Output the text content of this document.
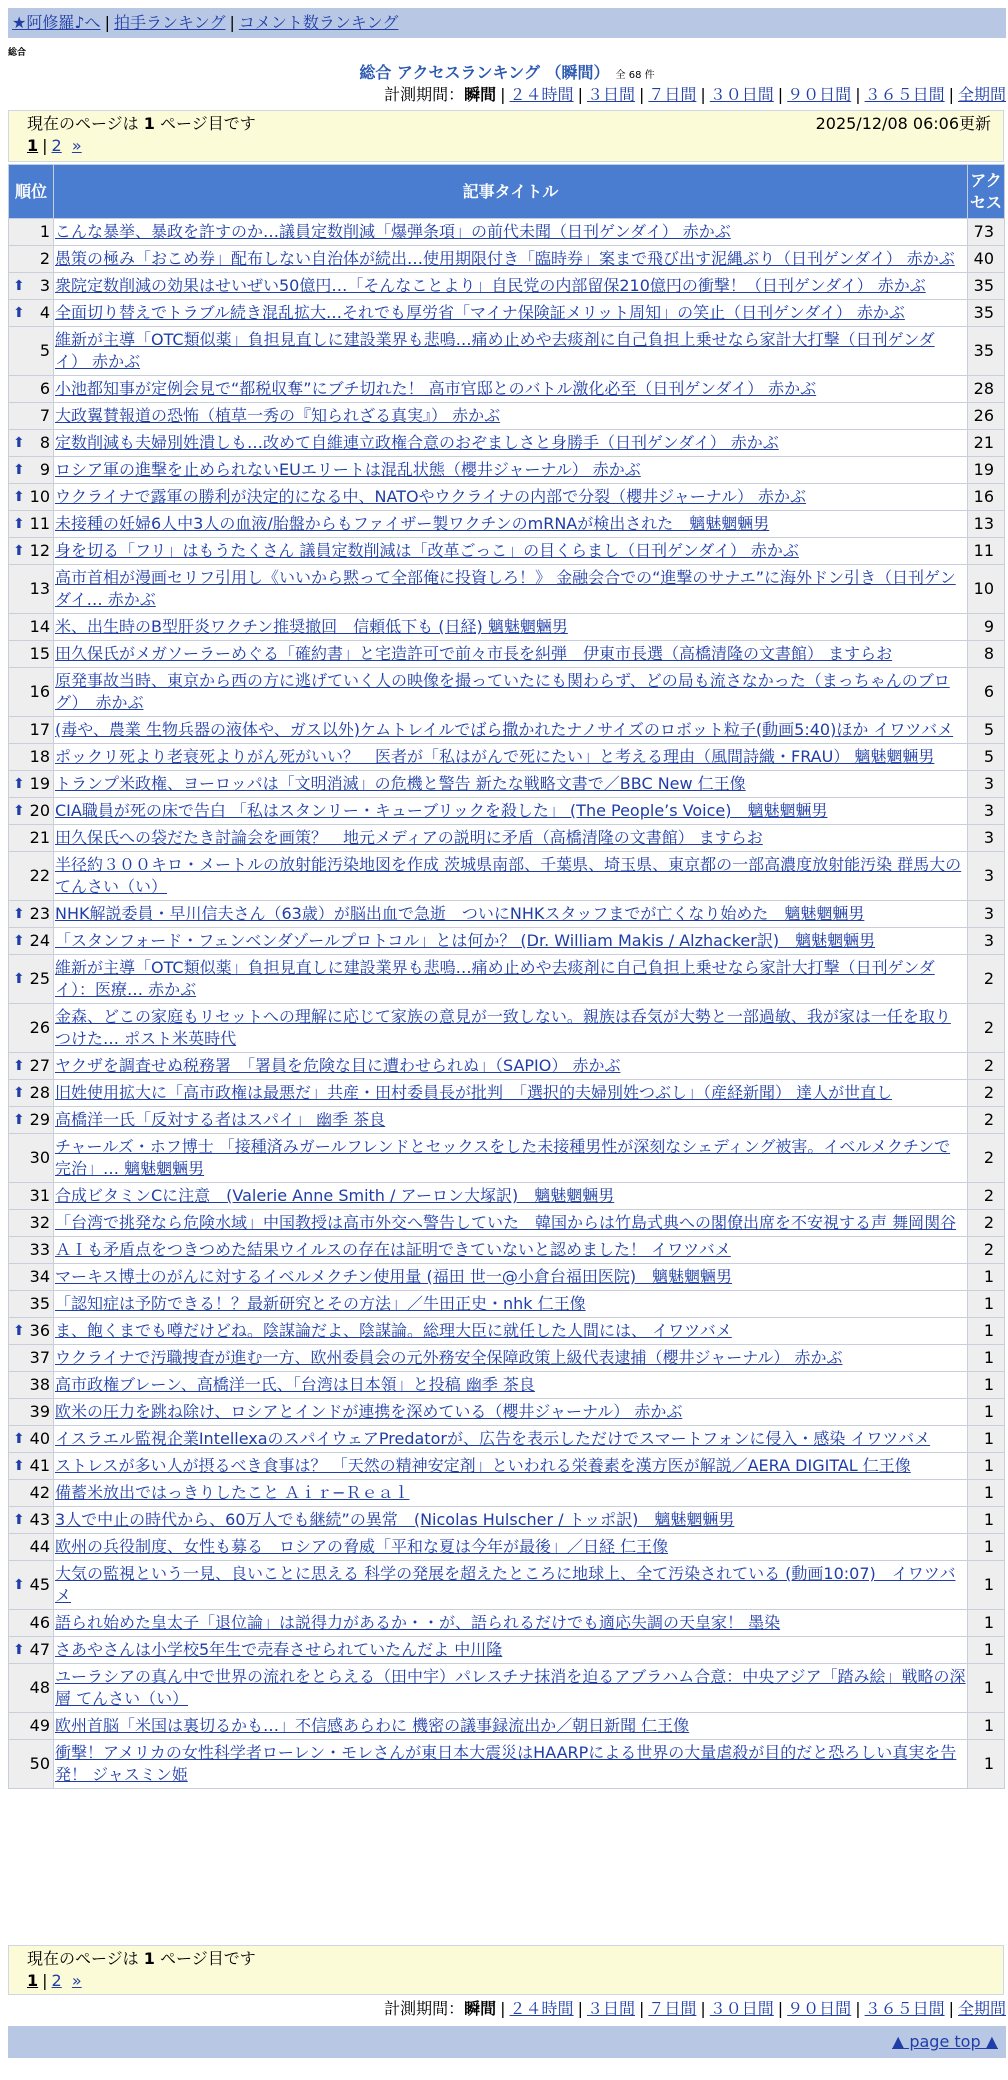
★阿修羅♪へ | 拍手ランキング | コメント数ランキング
総合
総合 アクセスランキング （瞬間） 全 68 件
計測期間：瞬間 | ２４時間 | ３日間 | ７日間 | ３０日間 | ９０日間 | ３６５日間 | 全期間
現在のページは 1 ページ目です	2025/12/08 06:06更新
1 | 2 »
順位	記事タイトル	アクセス
1	こんな暴挙、暴政を許すのか…議員定数削減「爆弾条項」の前代未聞（日刊ゲンダイ） 赤かぶ	73
2	愚策の極み「おこめ券」配布しない自治体が続出…使用期限付き「臨時券」案まで飛び出す泥縄ぶり（日刊ゲンダイ） 赤かぶ	40

⬆ 3	衆院定数削減の効果はせいぜい50億円…「そんなことより」自民党の内部留保210億円の衝撃！（日刊ゲンダイ） 赤かぶ	35

⬆ 4	全面切り替えでトラブル続き混乱拡大…それでも厚労省「マイナ保険証メリット周知」の笑止（日刊ゲンダイ） 赤かぶ	35
5	維新が主導「OTC類似薬」負担見直しに建設業界も悲鳴…痛め止めや去痰剤に自己負担上乗せなら家計大打撃（日刊ゲンダイ） 赤かぶ	35
6	小池都知事が定例会見で“都税収奪”にブチ切れた！ 高市官邸とのバトル激化必至（日刊ゲンダイ） 赤かぶ	28
7	大政翼賛報道の恐怖（植草一秀の『知られざる真実』） 赤かぶ	26

⬆ 8	定数削減も夫婦別姓潰しも…改めて自維連立政権合意のおぞましさと身勝手（日刊ゲンダイ） 赤かぶ	21

⬆ 9	ロシア軍の進撃を止められないEUエリートは混乱状態（櫻井ジャーナル） 赤かぶ	19

⬆ 10	ウクライナで露軍の勝利が決定的になる中、NATOやウクライナの内部で分裂（櫻井ジャーナル） 赤かぶ	16

⬆ 11	未接種の妊婦6人中3人の血液/胎盤からもファイザー製ワクチンのmRNAが検出された　魑魅魍魎男	13

⬆ 12	身を切る「フリ」はもうたくさん 議員定数削減は「改革ごっこ」の目くらまし（日刊ゲンダイ） 赤かぶ	11
13	高市首相が漫画セリフ引用し《いいから黙って全部俺に投資しろ！》 金融会合での“進撃のサナエ”に海外ドン引き（日刊ゲンダイ… 赤かぶ	10
14	米、出生時のB型肝炎ワクチン推奨撤回　信頼低下も (日経) 魑魅魍魎男	9
15	田久保氏がメガソーラーめぐる「確約書」と宅造許可で前々市長を糾弾　伊東市長選（高橋清隆の文書館） ますらお	8
16	原発事故当時、東京から西の方に逃げていく人の映像を撮っていたにも関わらず、どの局も流さなかった（まっちゃんのブログ）　赤かぶ	6
17	(毒や、農業 生物兵器の液体や、ガス以外)ケムトレイルでばら撒かれたナノサイズのロボット粒子(動画5:40)ほか イワツバメ	5
18	ポックリ死より老衰死よりがん死がいい？　医者が「私はがんで死にたい」と考える理由（風間詩織・FRAU） 魑魅魍魎男	5

⬆ 19	トランプ米政権、ヨーロッパは「文明消滅」の危機と警告 新たな戦略文書で／BBC New 仁王像	3

⬆ 20	CIA職員が死の床で告白 「私はスタンリー・キューブリックを殺した」 (The People’s Voice)　魑魅魍魎男	3
21	田久保氏への袋だたき討論会を画策？　地元メディアの説明に矛盾（高橋清隆の文書館） ますらお	3
22	半径約３００キロ・メートルの放射能汚染地図を作成 茨城県南部、千葉県、埼玉県、東京都の一部高濃度放射能汚染 群馬大の てんさい（い）	3

⬆ 23	NHK解説委員・早川信夫さん（63歳）が脳出血で急逝　ついにNHKスタッフまでが亡くなり始めた　魑魅魍魎男	3

⬆ 24	「スタンフォード・フェンベンダゾールプロトコル」とは何か？ (Dr. William Makis / Alzhacker訳)　魑魅魍魎男	3

⬆ 25	維新が主導「OTC類似薬」負担見直しに建設業界も悲鳴…痛め止めや去痰剤に自己負担上乗せなら家計大打撃（日刊ゲンダイ）：医療… 赤かぶ	2
26	金森、どこの家庭もリセットへの理解に応じて家族の意見が一致しない。親族は呑気が大勢と一部過敏、我が家は一任を取りつけた… ポスト米英時代	2

⬆ 27	ヤクザを調査せぬ税務署　「署員を危険な目に遭わせられぬ」（SAPIO） 赤かぶ	2

⬆ 28	旧姓使用拡大に「高市政権は最悪だ」共産・田村委員長が批判　「選択的夫婦別姓つぶし」（産経新聞） 達人が世直し	2

⬆ 29	高橋洋一氏「反対する者はスパイ」 幽季 茶良	2
30	チャールズ・ホフ博士 「接種済みガールフレンドとセックスをした未接種男性が深刻なシェディング被害。イベルメクチンで完治」… 魑魅魍魎男	2
31	合成ビタミンCに注意　(Valerie Anne Smith / アーロン大塚訳)　魑魅魍魎男	2
32	「台湾で挑発なら危険水域」中国教授は高市外交へ警告していた　韓国からは竹島式典への閣僚出席を不安視する声 舞岡関谷	2
33	ＡＩも矛盾点をつきつめた結果ウイルスの存在は証明できていないと認めました！ イワツバメ	2
34	マーキス博士のがんに対するイベルメクチン使用量 (福田 世一@小倉台福田医院)　魑魅魍魎男	1
35	「認知症は予防できる！？最新研究とその方法」／牛田正史・nhk 仁王像	1

⬆ 36	ま、飽くまでも噂だけどね。陰謀論だよ、陰謀論。総理大臣に就任した人間には、 イワツバメ	1
37	ウクライナで汚職捜査が進む一方、欧州委員会の元外務安全保障政策上級代表逮捕（櫻井ジャーナル） 赤かぶ	1
38	高市政権ブレーン、高橋洋一氏、「台湾は日本領」と投稿 幽季 茶良	1
39	欧米の圧力を跳ね除け、ロシアとインドが連携を深めている（櫻井ジャーナル） 赤かぶ	1

⬆ 40	イスラエル監視企業IntellexaのスパイウェアPredatorが、広告を表示しただけでスマートフォンに侵入・感染 イワツバメ	1

⬆ 41	ストレスが多い人が摂るべき食事は？ 「天然の精神安定剤」といわれる栄養素を漢方医が解説／AERA DIGITAL 仁王像	1
42	備蓄米放出ではっきりしたこと Ａｉｒ−Ｒｅａｌ	1

⬆ 43	3人で中止の時代から、60万人でも継続”の異常　(Nicolas Hulscher / トッポ訳)　魑魅魍魎男	1
44	欧州の兵役制度、女性も募る　ロシアの脅威「平和な夏は今年が最後」／日経 仁王像	1

⬆ 45	大気の監視という一見、良いことに思える 科学の発展を超えたところに地球上、全て汚染されている (動画10:07)　イワツバメ	1
46	語られ始めた皇太子「退位論」は説得力があるか・・が、語られるだけでも適応失調の天皇家！ 墨染	1

⬆ 47	さあやさんは小学校5年生で売春させられていたんだよ 中川隆	1
48	ユーラシアの真ん中で世界の流れをとらえる（田中宇）パレスチナ抹消を迫るアブラハム合意：中央アジア「踏み絵」戦略の深層 てんさい（い）	1
49	欧州首脳「米国は裏切るかも…」不信感あらわに 機密の議事録流出か／朝日新聞 仁王像	1
50	衝撃！アメリカの女性科学者ローレン・モレさんが東日本大震災はHAARPによる世界の大量虐殺が目的だと恐ろしい真実を告発！ ジャスミン姫	1
現在のページは 1 ページ目です
1 | 2 »
計測期間：瞬間 | ２４時間 | ３日間 | ７日間 | ３０日間 | ９０日間 | ３６５日間 | 全期間
▲ page top ▲
